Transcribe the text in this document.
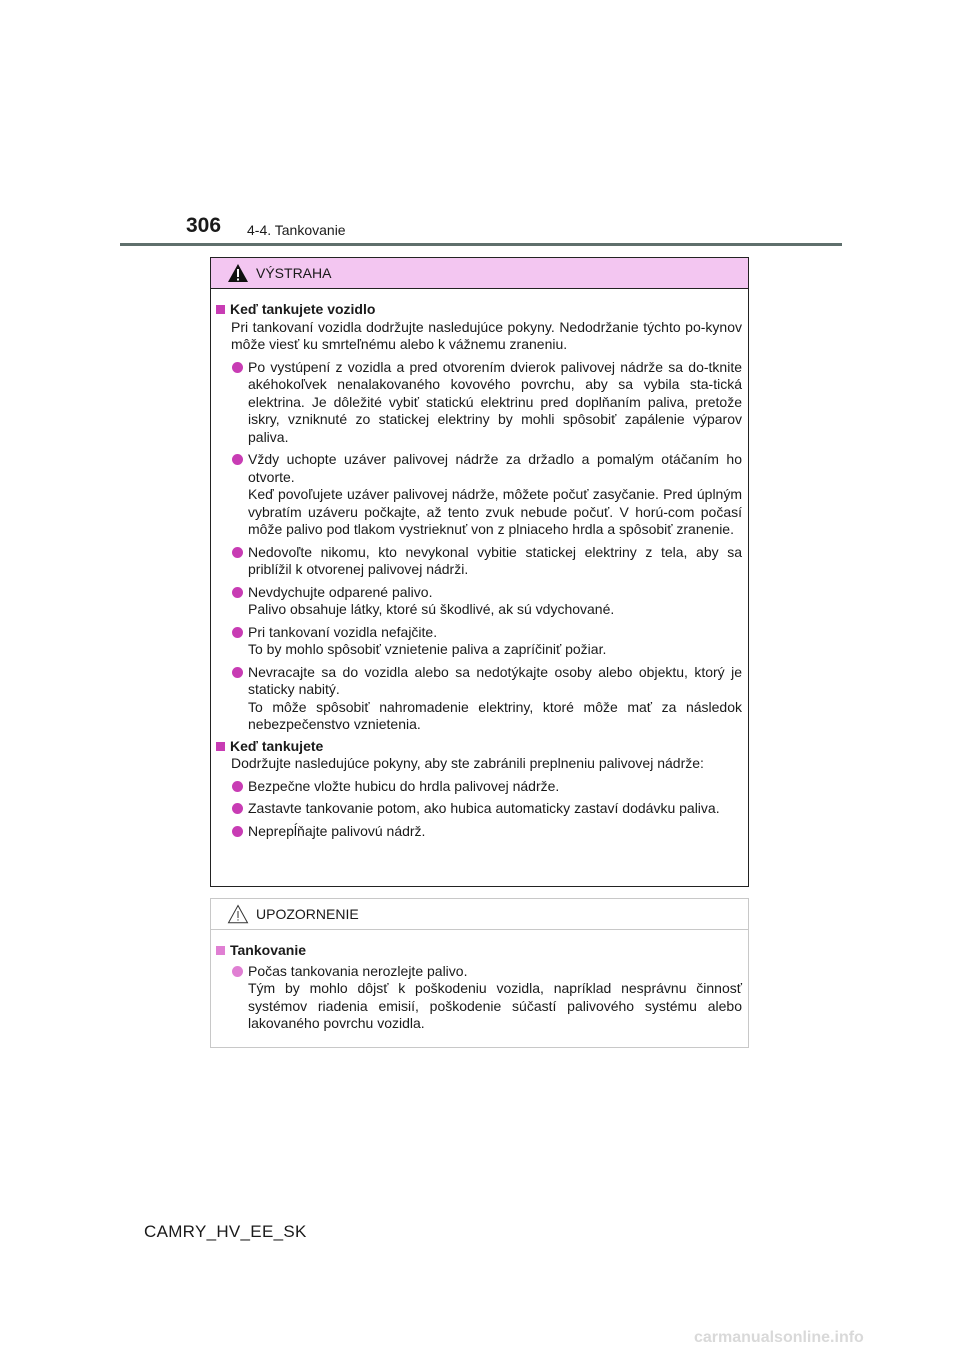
306 4-4. Tankovanie
VÝSTRAHA
Keď tankujete vozidlo
Pri tankovaní vozidla dodržujte nasledujúce pokyny. Nedodržanie týchto po-kynov môže viesť ku smrteľnému alebo k vážnemu zraneniu.
Po vystúpení z vozidla a pred otvorením dvierok palivovej nádrže sa do-tknite akéhokoľvek nenalakovaného kovového povrchu, aby sa vybila sta-tická elektrina. Je dôležité vybiť statickú elektrinu pred doplňaním paliva, pretože iskry, vzniknuté zo statickej elektriny by mohli spôsobiť zapálenie výparov paliva.
Vždy uchopte uzáver palivovej nádrže za držadlo a pomalým otáčaním ho otvorte.
Keď povoľujete uzáver palivovej nádrže, môžete počuť zasyčanie. Pred úplným vybratím uzáveru počkajte, až tento zvuk nebude počuť. V horú-com počasí môže palivo pod tlakom vystrieknuť von z plniaceho hrdla a spôsobiť zranenie.
Nedovoľte nikomu, kto nevykonal vybitie statickej elektriny z tela, aby sa priblížil k otvorenej palivovej nádrži.
Nevdychujte odparené palivo.
Palivo obsahuje látky, ktoré sú škodlivé, ak sú vdychované.
Pri tankovaní vozidla nefajčite.
To by mohlo spôsobiť vznietenie paliva a zapríčiniť požiar.
Nevracajte sa do vozidla alebo sa nedotýkajte osoby alebo objektu, ktorý je staticky nabitý.
To môže spôsobiť nahromadenie elektriny, ktoré môže mať za následok nebezpečenstvo vznietenia.
Keď tankujete
Dodržujte nasledujúce pokyny, aby ste zabránili preplneniu palivovej nádrže:
Bezpečne vložte hubicu do hrdla palivovej nádrže.
Zastavte tankovanie potom, ako hubica automaticky zastaví dodávku paliva.
Neprepĺňajte palivovú nádrž.
UPOZORNENIE
Tankovanie
Počas tankovania nerozlejte palivo.
Tým by mohlo dôjsť k poškodeniu vozidla, napríklad nesprávnu činnosť systémov riadenia emisií, poškodenie súčastí palivového systému alebo lakovaného povrchu vozidla.
CAMRY_HV_EE_SK
carmanualsonline.info
